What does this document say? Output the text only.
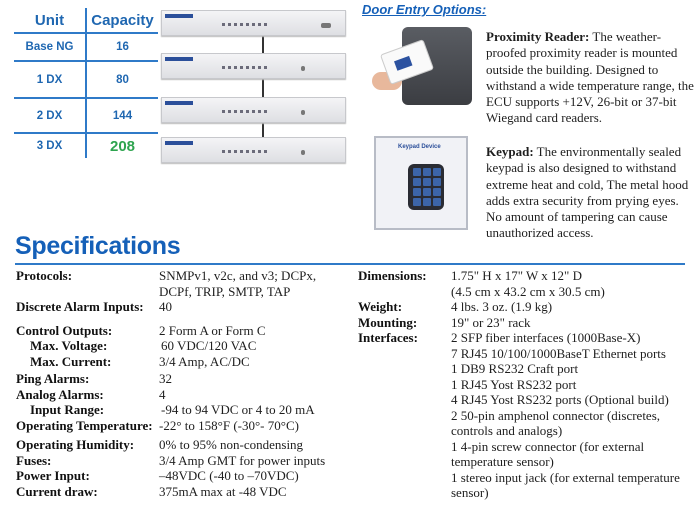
Unit	Capacity
Base NG	16
1 DX	80
2 DX	144
3 DX	208
Door Entry Options:
Proximity Reader: The weather-proofed proximity reader is mounted outside the building. Designed to withstand a wide temperature range, the ECU supports +12V, 26-bit or 37-bit Wiegand card readers.
Keypad Device	Keypad: The environmentally sealed keypad is also designed to withstand extreme heat and cold, The metal hood adds extra security from prying eyes. No amount of tampering can cause unauthorized access.
Specifications
Protocols:	SNMPv1, v2c, and v3; DCPx,
DCPf, TRIP, SMTP, TAP
Discrete Alarm Inputs:	40
Control Outputs:	2 Form A or Form C
Max. Voltage:	60 VDC/120 VAC
Max. Current:	3/4 Amp, AC/DC
Ping Alarms:	32
Analog Alarms:	4
Input Range:	-94 to 94 VDC or 4 to 20 mA
Operating Temperature: -22° to 158°F (-30°- 70°C)
Operating Humidity:	0% to 95% non-condensing
Fuses:	3/4 Amp GMT for power inputs
Power Input:	–48VDC (-40 to –70VDC)
Current draw:	375mA max at -48 VDC
Dimensions:	1.75" H x 17" W x 12" D
(4.5 cm x 43.2 cm x 30.5 cm)
Weight:	4 lbs. 3 oz. (1.9 kg)
Mounting:	19" or 23" rack
Interfaces:	2 SFP fiber interfaces (1000Base-X)
7 RJ45 10/100/1000BaseT Ethernet ports
1 DB9 RS232 Craft port
1 RJ45 Yost RS232 port
4 RJ45 Yost RS232 ports (Optional build)
2 50-pin amphenol connector (discretes,
controls and analogs)
1 4-pin screw connector (for external
temperature sensor)
1 stereo input jack (for external temperature
sensor)
